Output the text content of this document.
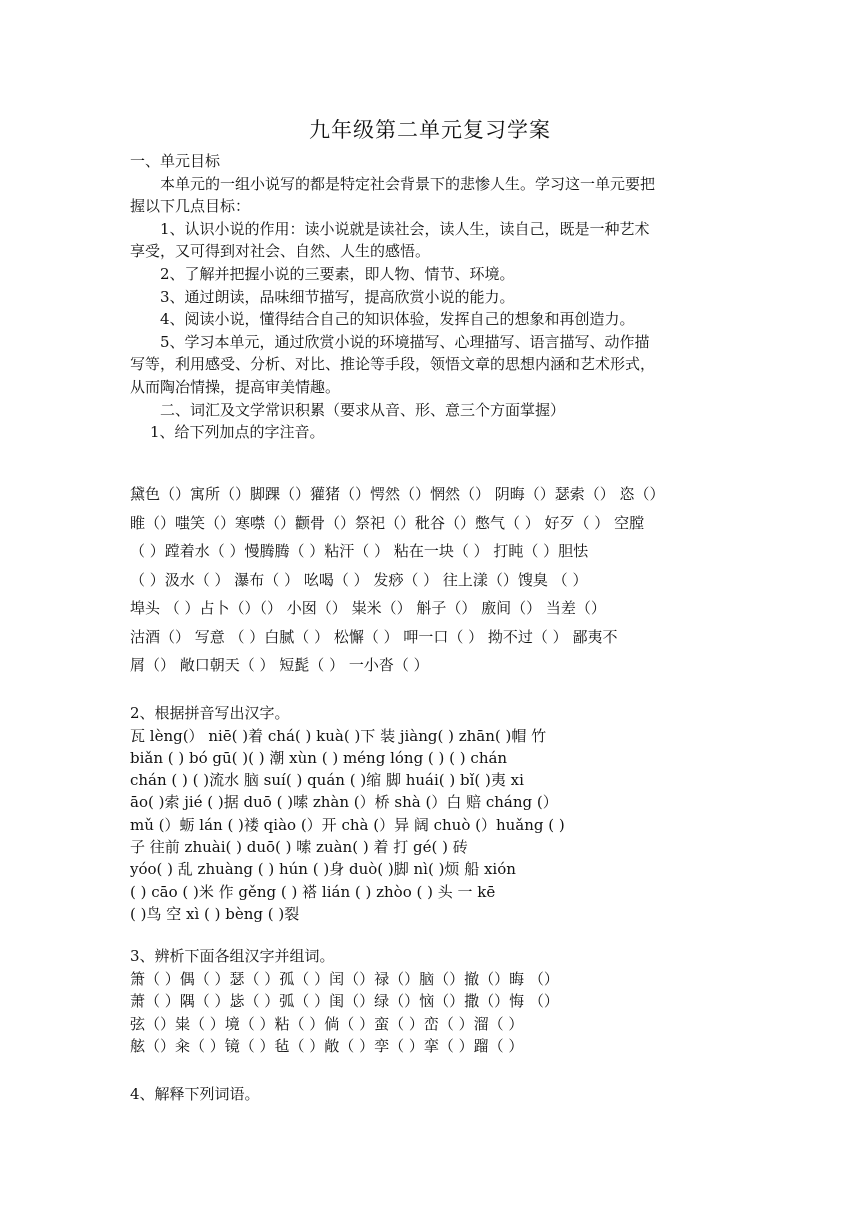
九年级第二单元复习学案
一、单元目标
本单元的一组小说写的都是特定社会背景下的悲惨人生。学习这一单元要把
握以下几点目标：
1、认识小说的作用：读小说就是读社会，读人生，读自己，既是一种艺术
享受，又可得到对社会、自然、人生的感悟。
2、了解并把握小说的三要素，即人物、情节、环境。
3、通过朗读，品味细节描写，提高欣赏小说的能力。
4、阅读小说，懂得结合自己的知识体验，发挥自己的想象和再创造力。
5、学习本单元，通过欣赏小说的环境描写、心理描写、语言描写、动作描
写等，利用感受、分析、对比、推论等手段，领悟文章的思想内涵和艺术形式，
从而陶冶情操，提高审美情趣。
二、词汇及文学常识积累（要求从音、形、意三个方面掌握）
1、给下列加点的字注音。
黛色（）寓所（）脚踝（）獾猪（）愕然（）惘然（） 阴晦（）瑟索（） 恣（）
睢（）嗤笑（）寒噤（）颧骨（）祭祀（）秕谷（）憋气（ ） 好歹（ ） 空膛
（ ）蹚着水（ ）慢腾腾（ ）粘汗（ ） 粘在一块（ ） 打盹（ ）胆怯
（ ）汲水（ ） 瀑布（ ） 吆喝（ ） 发痧（ ） 往上漾（）馊臭 （ ）
埠头 （ ）占卜（）（） 小囡（） 粜米（） 斛子（） 廒间（） 当差（）
沽酒（） 写意 （ ）白腻（ ） 松懈（ ） 呷一口（ ） 拗不过（ ） 鄙夷不
屑（） 敞口朝天（ ） 短髭（ ） 一小沓（ ）
2、根据拼音写出汉字。
瓦 lèng(） niē( )着 chá( ) kuà( )下 装 jiàng( ) zhān( )帽 竹
biǎn ( ) bó gū( )( ) 潮 xùn ( ) méng lóng ( ) ( ) chán
chán ( ) ( )流水 脑 suí( ) quán ( )缩 脚 huái( ) bǐ( )夷 xi
āo( )索 jié ( )据 duō ( )嗦 zhàn (）桥 shà (）白 赔 cháng (）
mǔ (）蛎 lán ( )褛 qiào (）开 chà (）异 阔 chuò (）huǎng ( )
子 往前 zhuài( ) duō( ) 嗦 zuàn( ) 着 打 gé( ) 砖
yóo( ) 乱 zhuàng ( ) hún ( )身 duò( )脚 nì( )烦 船 xión
( ) cāo ( )米 作 gěng ( ) 褡 lián ( ) zhòo ( ) 头 一 kē
( )鸟 空 xì ( ) bèng ( )裂
3、辨析下面各组汉字并组词。
箫（ ）偶（ ）瑟（ ）孤（ ）闰（）禄（）脑（）撤（）晦 （）
萧（ ）隅（ ）毖（ ）弧（ ）闺（）绿（）恼（）撒（）悔 （）
弦（）粜（ ）境（ ）粘（ ）倘（ ）蛮（ ）峦（ ）溜（ ）
舷（）籴（ ）镜（ ）毡（ ）敞（ ）孪（ ）挛（ ）蹓（ ）
4、解释下列词语。
